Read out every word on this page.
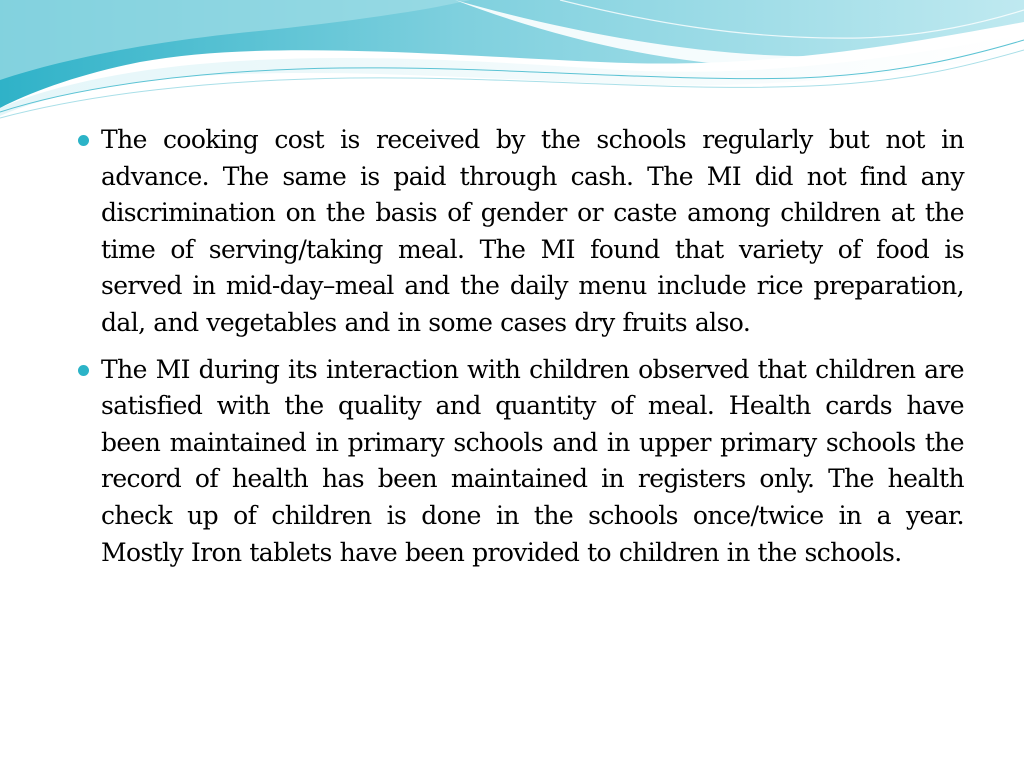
The cooking cost is received by the schools regularly but not in advance. The same is paid through cash. The MI did not find any discrimination on the basis of gender or caste among children at the time of serving/taking meal. The MI found that variety of food is served in mid-day–meal and the daily menu include rice preparation, dal, and vegetables and in some cases dry fruits also.
The MI during its interaction with children observed that children are satisfied with the quality and quantity of meal. Health cards have been maintained in primary schools and in upper primary schools the record of health has been maintained in registers only. The health check up of children is done in the schools once/twice in a year. Mostly Iron tablets have been provided to children in the schools.
